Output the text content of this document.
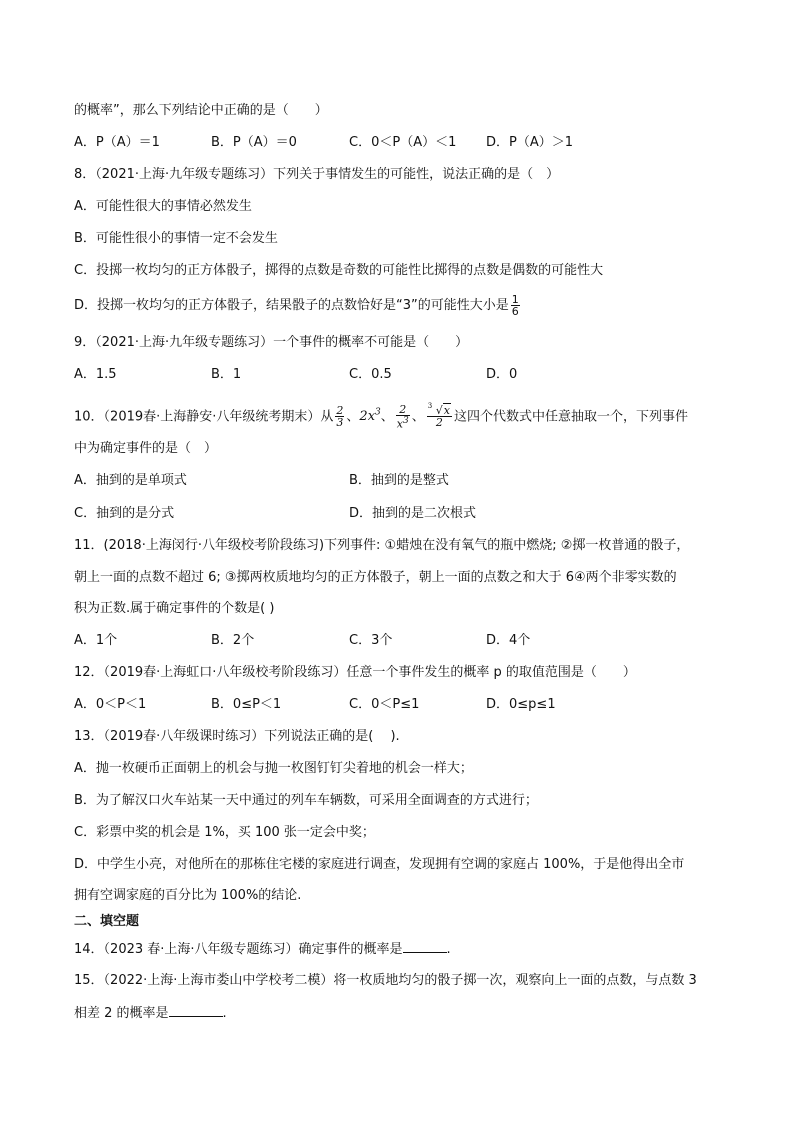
的概率”，那么下列结论中正确的是（　　）
A．P（A）＝1	B．P（A）＝0	C．0＜P（A）＜1 D．P（A）＞1
8．（2021·上海·九年级专题练习）下列关于事情发生的可能性，说法正确的是（　）
A．可能性很大的事情必然发生
B．可能性很小的事情一定不会发生
C．投掷一枚均匀的正方体骰子，掷得的点数是奇数的可能性比掷得的点数是偶数的可能性大
D．投掷一枚均匀的正方体骰子，结果骰子的点数恰好是“3”的可能性大小是 $\frac{1}{6}$
9．（2021·上海·九年级专题练习）一个事件的概率不可能是（　　）
A．1.5	B．1	C．0.5	D．0
10．（2019春·上海静安·八年级统考期末）从 $\frac{2}{3}$ 、$2x^3$、 $\frac{2}{x^3}$ 、 $\frac{3 √x}{2}$ 这四个代数式中任意抽取一个，下列事件
中为确定事件的是（　）
A．抽到的是单项式	B．抽到的是整式
C．抽到的是分式	D．抽到的是二次根式
11．(2018·上海闵行·八年级校考阶段练习)下列事件: ①蜡烛在没有氧气的瓶中燃烧; ②掷一枚普通的骰子，
朝上一面的点数不超过 6; ③掷两枚质地均匀的正方体骰子，朝上一面的点数之和大于 6④两个非零实数的
积为正数.属于确定事件的个数是( )
A．1个	B．2个	C．3个	D．4个
12．（2019春·上海虹口·八年级校考阶段练习）任意一个事件发生的概率 p 的取值范围是（　　）
A．0＜P＜1	B．0≤P＜1	C．0＜P≤1	D．0≤p≤1
13．（2019春·八年级课时练习）下列说法正确的是(　 ).
A．抛一枚硬币正面朝上的机会与抛一枚图钉钉尖着地的机会一样大；
B．为了解汉口火车站某一天中通过的列车车辆数，可采用全面调查的方式进行；
C．彩票中奖的机会是 1%，买 100 张一定会中奖；
D．中学生小亮，对他所在的那栋住宅楼的家庭进行调查，发现拥有空调的家庭占 100%，于是他得出全市
拥有空调家庭的百分比为 100%的结论.
二、填空题
14．（2023 春·上海·八年级专题练习）确定事件的概率是	.
15．（2022·上海·上海市娄山中学校考二模）将一枚质地均匀的骰子掷一次，观察向上一面的点数，与点数 3
相差 2 的概率是	.
